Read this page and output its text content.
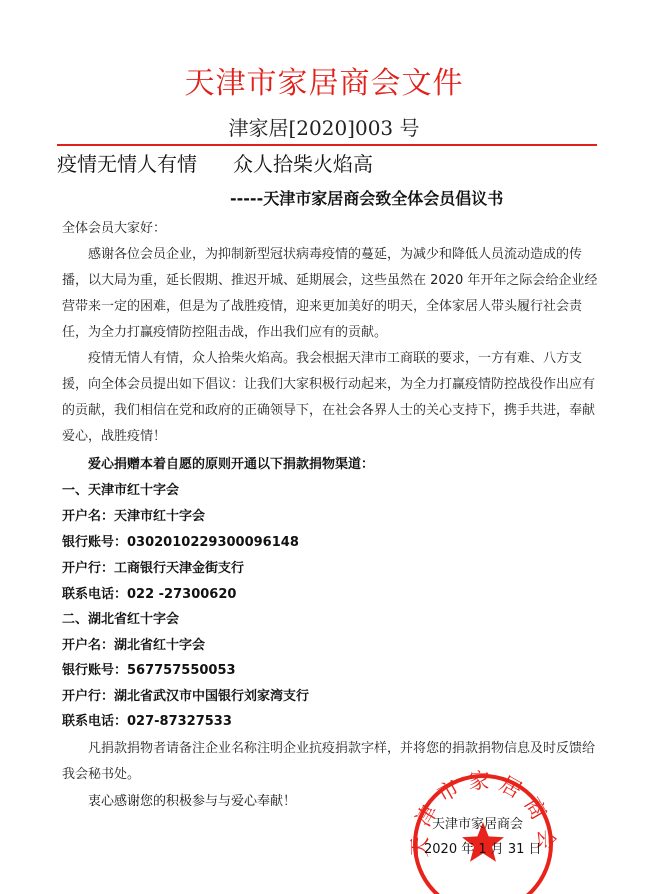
天津市家居商会文件
津家居[2020]003 号
疫情无情人有情 众人拾柴火焰高
-----天津市家居商会致全体会员倡议书
全体会员大家好：
感谢各位会员企业，为抑制新型冠状病毒疫情的蔓延，为减少和降低人员流动造成的传播，以大局为重，延长假期、推迟开城、延期展会，这些虽然在 2020 年开年之际会给企业经营带来一定的困难，但是为了战胜疫情，迎来更加美好的明天，全体家居人带头履行社会责任，为全力打赢疫情防控阻击战，作出我们应有的贡献。
疫情无情人有情，众人拾柴火焰高。我会根据天津市工商联的要求，一方有难、八方支援，向全体会员提出如下倡议：让我们大家积极行动起来，为全力打赢疫情防控战役作出应有的贡献，我们相信在党和政府的正确领导下，在社会各界人士的关心支持下，携手共进，奉献爱心，战胜疫情！
爱心捐赠本着自愿的原则开通以下捐款捐物渠道：
一、天津市红十字会
开户名：天津市红十字会
银行账号：0302010229300096148
开户行：工商银行天津金街支行
联系电话：022 -27300620
二、湖北省红十字会
开户名：湖北省红十字会
银行账号：567757550053
开户行：湖北省武汉市中国银行刘家湾支行
联系电话：027-87327533
凡捐款捐物者请备注企业名称注明企业抗疫捐款字样，并将您的捐款捐物信息及时反馈给我会秘书处。
衷心感谢您的积极参与与爱心奉献！
天津市家居商会
天津市家居商会
2020 年 1 月 31 日
